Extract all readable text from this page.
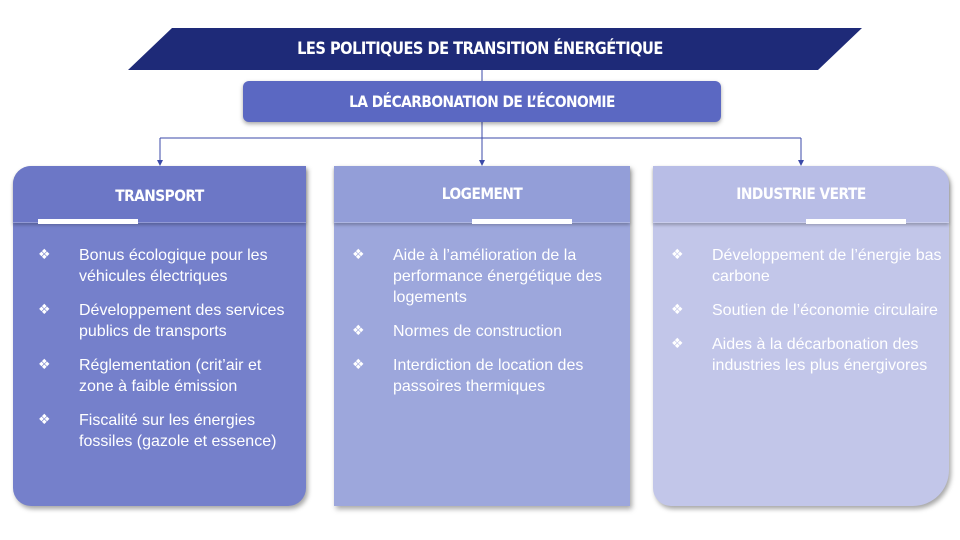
LES POLITIQUES DE TRANSITION ÉNERGÉTIQUE
LA DÉCARBONATION DE L’ÉCONOMIE
TRANSPORT
❖ Bonus écologique pour les véhicules électriques
❖ Développement des services publics de transports
❖ Réglementation (crit’air et zone à faible émission
❖ Fiscalité sur les énergies fossiles (gazole et essence)
LOGEMENT
❖ Aide à l’amélioration de la performance énergétique des logements
❖ Normes de construction
❖ Interdiction de location des passoires thermiques
INDUSTRIE VERTE
❖ Développement de l’énergie bas carbone
❖ Soutien de l’économie circulaire
❖ Aides à la décarbonation des industries les plus énergivores
